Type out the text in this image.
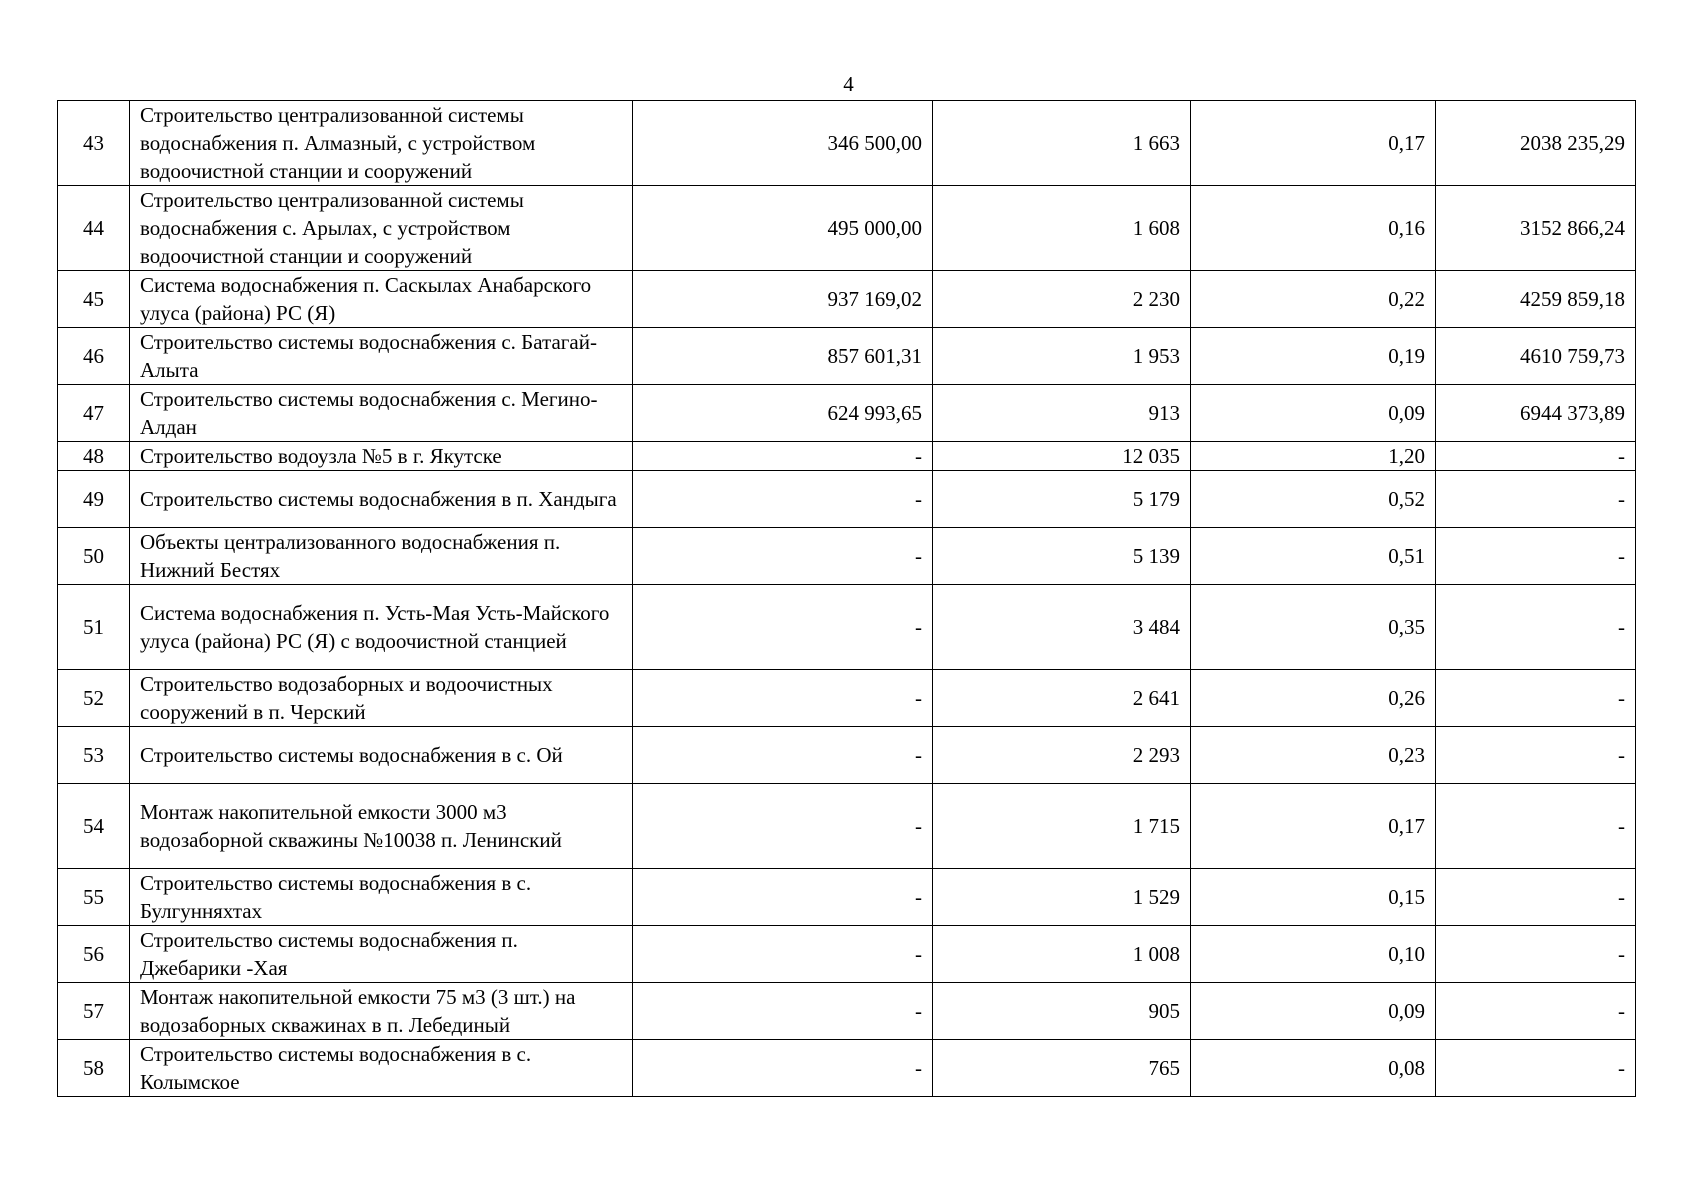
4
43	Строительство централизованной системы водоснабжения п. Алмазный, с устройством водоочистной станции и сооружений	346 500,00	1 663	0,17	2038 235,29
44	Строительство централизованной системы водоснабжения с. Арылах, с устройством водоочистной станции и сооружений	495 000,00	1 608	0,16	3152 866,24
45	Система водоснабжения п. Саскылах Анабарского улуса (района) РС (Я)	937 169,02	2 230	0,22	4259 859,18
46	Строительство системы водоснабжения с. Батагай-Алыта	857 601,31	1 953	0,19	4610 759,73
47	Строительство системы водоснабжения с. Мегино-Алдан	624 993,65	913	0,09	6944 373,89
48	Строительство водоузла №5 в г. Якутске	-	12 035	1,20	-
49	Строительство системы водоснабжения в п. Хандыга	-	5 179	0,52	-
50	Объекты централизованного водоснабжения п. Нижний Бестях	-	5 139	0,51	-
51	Система водоснабжения п. Усть-Мая Усть-Майского улуса (района) РС (Я) с водоочистной станцией	-	3 484	0,35	-
52	Строительство водозаборных и водоочистных сооружений в п. Черский	-	2 641	0,26	-
53	Строительство системы водоснабжения в с. Ой	-	2 293	0,23	-
54	Монтаж накопительной емкости 3000 м3 водозаборной скважины №10038 п. Ленинский	-	1 715	0,17	-
55	Строительство системы водоснабжения в с. Булгунняхтах	-	1 529	0,15	-
56	Строительство системы водоснабжения п. Джебарики -Хая	-	1 008	0,10	-
57	Монтаж накопительной емкости 75 м3 (3 шт.) на водозаборных скважинах в п. Лебединый	-	905	0,09	-
58	Строительство системы водоснабжения в с. Колымское	-	765	0,08	-
